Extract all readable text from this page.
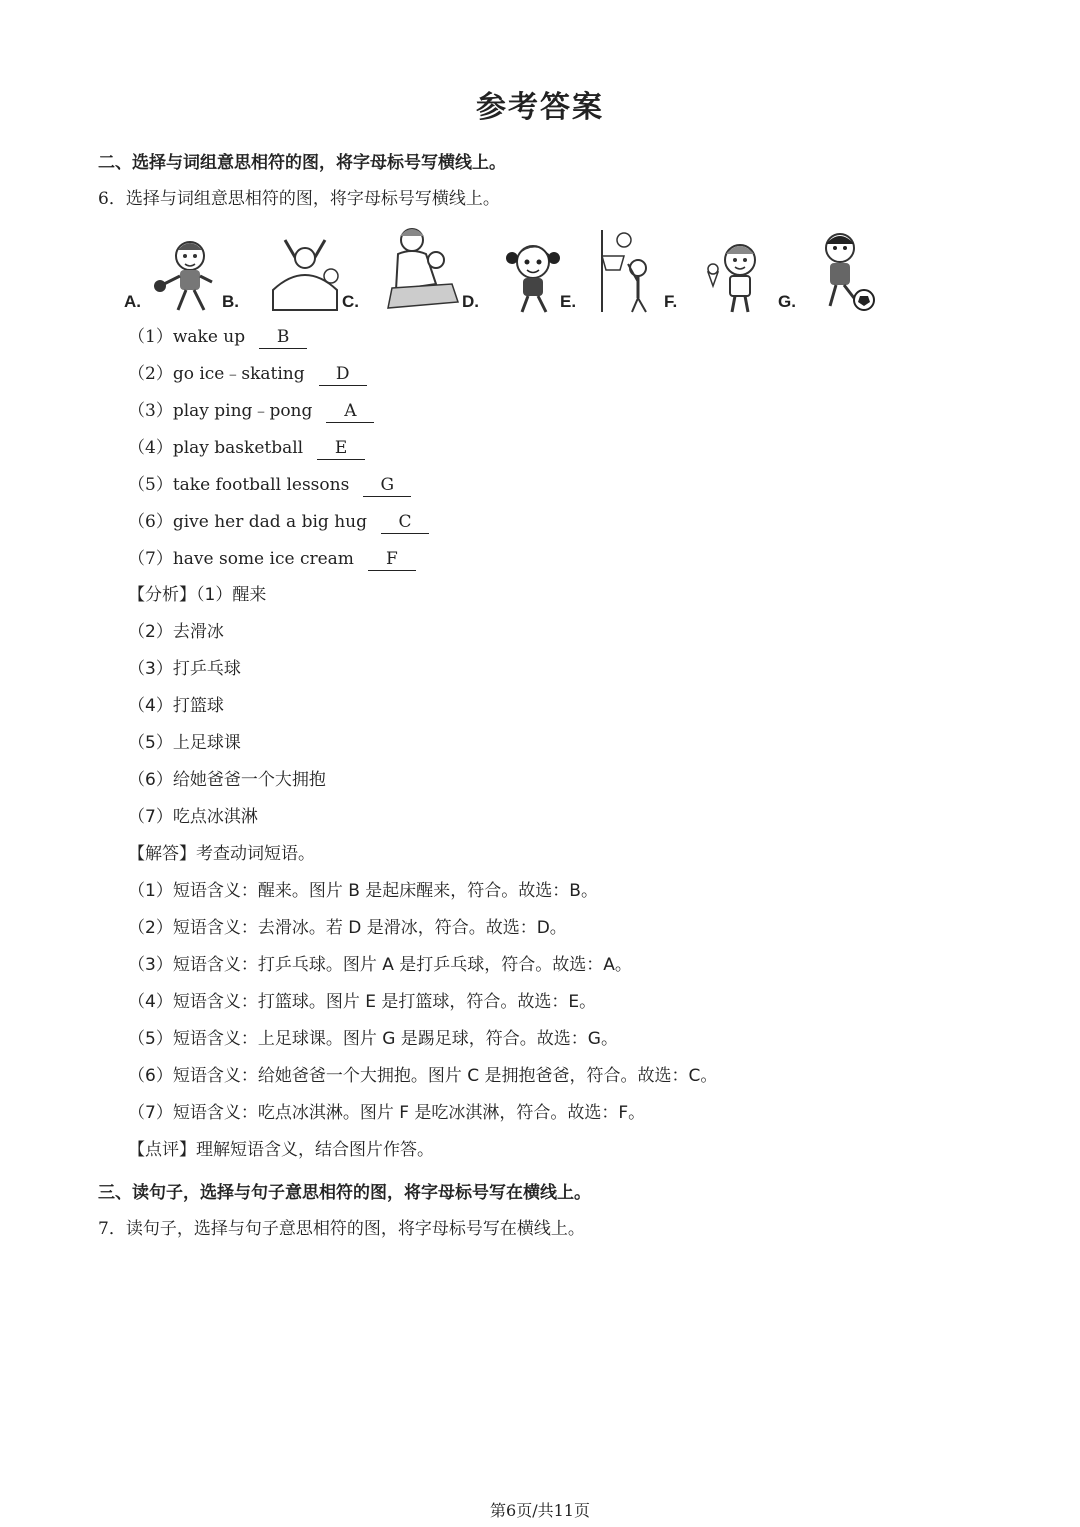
参考答案
二、选择与词组意思相符的图，将字母标号写横线上。
6．选择与词组意思相符的图，将字母标号写横线上。
A.	B.	C.	D.	E.	F.	G.
（1）wake up B
（2）go ice﹣skating D
（3）play ping﹣pong A
（4）play basketball E
（5）take football lessons G
（6）give her dad a big hug C
（7）have some ice cream F
【分析】（1）醒来
（2）去滑冰
（3）打乒乓球
（4）打篮球
（5）上足球课
（6）给她爸爸一个大拥抱
（7）吃点冰淇淋
【解答】考查动词短语。
（1）短语含义：醒来。图片 B 是起床醒来，符合。故选：B。
（2）短语含义：去滑冰。若 D 是滑冰，符合。故选：D。
（3）短语含义：打乒乓球。图片 A 是打乒乓球，符合。故选：A。
（4）短语含义：打篮球。图片 E 是打篮球，符合。故选：E。
（5）短语含义：上足球课。图片 G 是踢足球，符合。故选：G。
（6）短语含义：给她爸爸一个大拥抱。图片 C 是拥抱爸爸，符合。故选：C。
（7）短语含义：吃点冰淇淋。图片 F 是吃冰淇淋，符合。故选：F。
【点评】理解短语含义，结合图片作答。
三、读句子，选择与句子意思相符的图，将字母标号写在横线上。
7．读句子，选择与句子意思相符的图，将字母标号写在横线上。
第6页/共11页
